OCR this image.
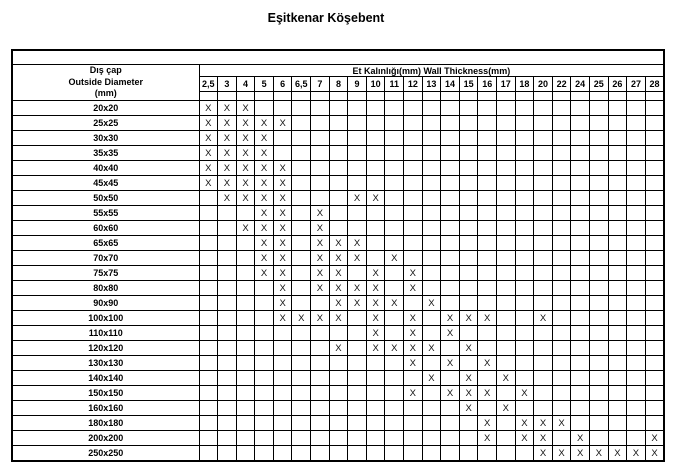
Eşitkenar Köşebent

Dış çap
Outside Diameter
(mm)	Et Kalınlığı(mm) Wall Thickness(mm)																								
	2,5	3	4	5	6	6,5	7	8	9	10	11	12	13	14	15	16	17	18	20	22	24	25	26	27	28

20x20	X	X	X																						
25x25	X	X	X	X	X																				
30x30	X	X	X	X																					
35x35	X	X	X	X																					
40x40	X	X	X	X	X																				
45x45	X	X	X	X	X																				
50x50		X	X	X	X				X	X															
55x55				X	X		X																		
60x60			X	X	X		X																		
65x65				X	X		X	X	X																
70x70				X	X		X	X	X		X														
75x75				X	X		X	X		X		X													
80x80					X		X	X	X	X		X													
90x90					X			X	X	X	X		X												
100x100					X	X	X	X		X		X		X	X	X			X						
110x110										X		X		X											
120x120								X		X	X	X	X		X										
130x130												X		X		X									
140x140													X		X		X								
150x150												X		X	X	X		X							
160x160															X		X								
180x180																X		X	X	X					
200x200																X		X	X		X				X
250x250																			X	X	X	X	X	X	X
